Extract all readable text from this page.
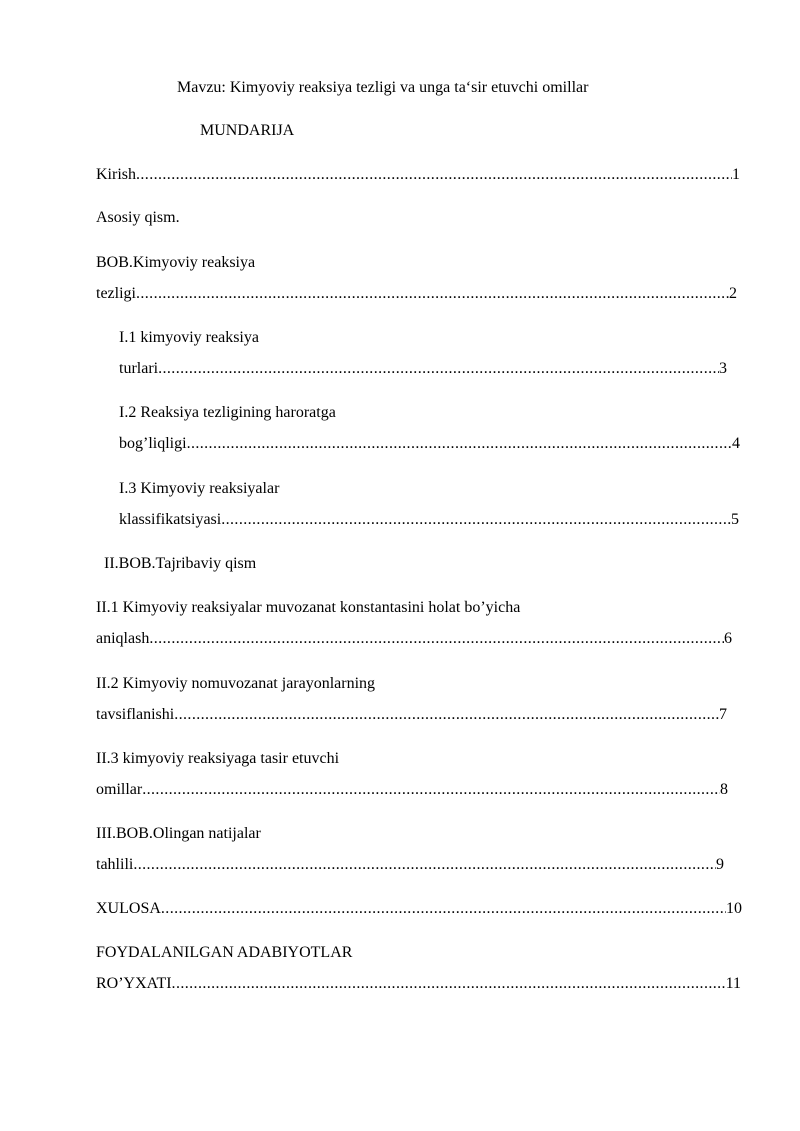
Mavzu: Kimyoviy reaksiya tezligi va unga ta‘sir etuvchi omillar
MUNDARIJA
Kirish .....	1
Asosiy qism.
BOB.Kimyoviy reaksiya
tezligi .....	2
I.1 kimyoviy reaksiya
turlari .....	3
I.2 Reaksiya tezligining haroratga
bog’liqligi .....	4
I.3 Kimyoviy reaksiyalar
klassifikatsiyasi .....	5
II.BOB.Tajribaviy qism
II.1 Kimyoviy reaksiyalar muvozanat konstantasini holat bo’yicha
aniqlash .....	6
II.2 Kimyoviy nomuvozanat jarayonlarning
tavsiflanishi .....	7
II.3 kimyoviy reaksiyaga tasir etuvchi
omillar .....	8
III.BOB.Olingan natijalar
tahlili .....	9
XULOSA .....	10
FOYDALANILGAN ADABIYOTLAR
RO’YXATI .....	11
